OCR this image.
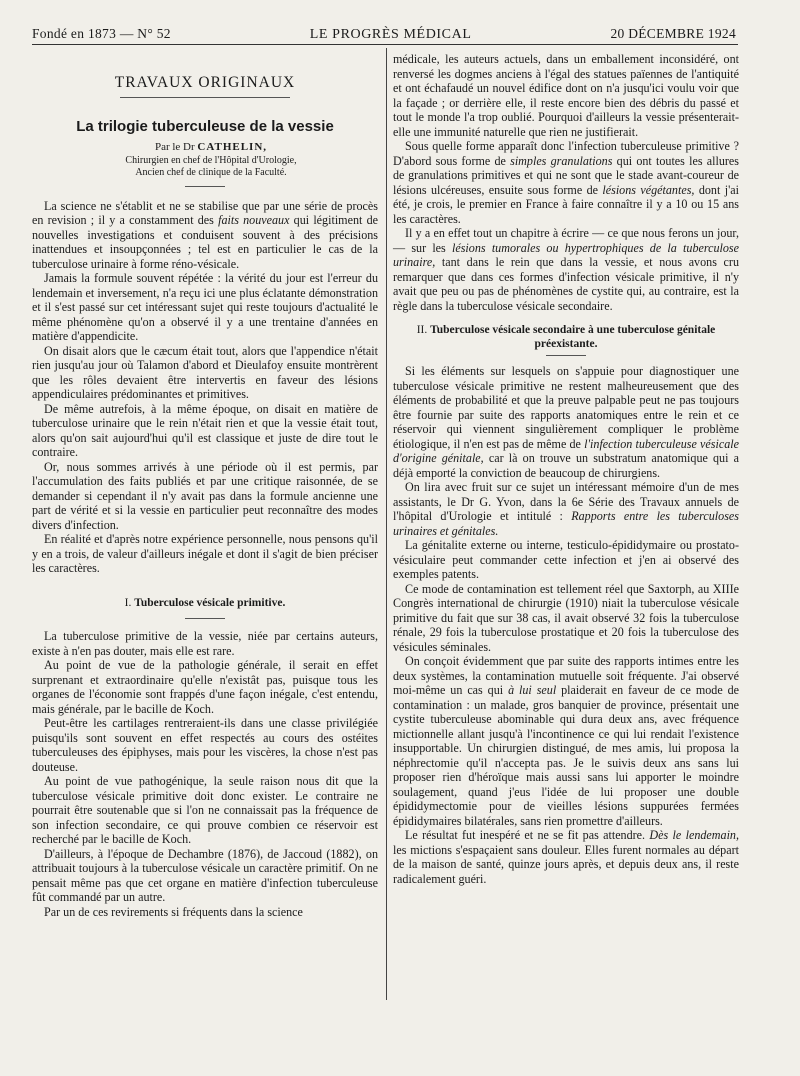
Fondé en 1873 — N° 52	LE PROGRÈS MÉDICAL	20 DÉCEMBRE 1924
TRAVAUX ORIGINAUX
La trilogie tuberculeuse de la vessie

Par le Dr CATHELIN,

Chirurgien en chef de l'Hôpital d'Urologie,

Ancien chef de clinique de la Faculté.

La science ne s'établit et ne se stabilise que par une série de procès en revision ; il y a constamment des faits nouveaux qui légitiment de nouvelles investigations et conduisent souvent à des précisions inattendues et insoupçonnées ; tel est en particulier le cas de la tuberculose urinaire à forme réno-vésicale.

Jamais la formule souvent répétée : la vérité du jour est l'erreur du lendemain et inversement, n'a reçu ici une plus éclatante démonstration et il s'est passé sur cet intéressant sujet qui reste toujours d'actualité le même phénomène qu'on a observé il y a une trentaine d'années en matière d'appendicite.

On disait alors que le cæcum était tout, alors que l'appendice n'était rien jusqu'au jour où Talamon d'abord et Dieulafoy ensuite montrèrent que les rôles devaient être intervertis en faveur des lésions appendiculaires prédominantes et primitives.

De même autrefois, à la même époque, on disait en matière de tuberculose urinaire que le rein n'était rien et que la vessie était tout, alors qu'on sait aujourd'hui qu'il est classique et juste de dire tout le contraire.

Or, nous sommes arrivés à une période où il est permis, par l'accumulation des faits publiés et par une critique raisonnée, de se demander si cependant il n'y avait pas dans la formule ancienne une part de vérité et si la vessie en particulier peut reconnaître des modes divers d'infection.

En réalité et d'après notre expérience personnelle, nous pensons qu'il y en a trois, de valeur d'ailleurs inégale et dont il s'agit de bien préciser les caractères.

I. Tuberculose vésicale primitive.

La tuberculose primitive de la vessie, niée par certains auteurs, existe à n'en pas douter, mais elle est rare.

Au point de vue de la pathologie générale, il serait en effet surprenant et extraordinaire qu'elle n'existât pas, puisque tous les organes de l'économie sont frappés d'une façon inégale, c'est entendu, mais générale, par le bacille de Koch.

Peut-être les cartilages rentreraient-ils dans une classe privilégiée puisqu'ils sont souvent en effet respectés au cours des ostéites tuberculeuses des épiphyses, mais pour les viscères, la chose n'est pas douteuse.

Au point de vue pathogénique, la seule raison nous dit que la tuberculose vésicale primitive doit donc exister. Le contraire ne pourrait être soutenable que si l'on ne connaissait pas la fréquence de son infection secondaire, ce qui prouve combien ce réservoir est recherché par le bacille de Koch.

D'ailleurs, à l'époque de Dechambre (1876), de Jaccoud (1882), on attribuait toujours à la tuberculose vésicale un caractère primitif. On ne pensait même pas que cet organe en matière d'infection tuberculeuse fût commandé par un autre.

Par un de ces revirements si fréquents dans la science

médicale, les auteurs actuels, dans un emballement inconsidéré, ont renversé les dogmes anciens à l'égal des statues païennes de l'antiquité et ont échafaudé un nouvel édifice dont on n'a jusqu'ici voulu voir que la façade ; or derrière elle, il reste encore bien des débris du passé et tout le monde l'a trop oublié. Pourquoi d'ailleurs la vessie présenterait-elle une immunité naturelle que rien ne justifierait.

Sous quelle forme apparaît donc l'infection tuberculeuse primitive ? D'abord sous forme de simples granulations qui ont toutes les allures de granulations primitives et qui ne sont que le stade avant-coureur de lésions ulcéreuses, ensuite sous forme de lésions végétantes, dont j'ai été, je crois, le premier en France à faire connaître il y a 10 ou 15 ans les caractères.

Il y a en effet tout un chapitre à écrire — ce que nous ferons un jour, — sur les lésions tumorales ou hypertrophiques de la tuberculose urinaire, tant dans le rein que dans la vessie, et nous avons cru remarquer que dans ces formes d'infection vésicale primitive, il n'y avait que peu ou pas de phénomènes de cystite qui, au contraire, est la règle dans la tuberculose vésicale secondaire.

II. Tuberculose vésicale secondaire à une tuberculose génitale préexistante.

Si les éléments sur lesquels on s'appuie pour diagnostiquer une tuberculose vésicale primitive ne restent malheureusement que des éléments de probabilité et que la preuve palpable peut ne pas toujours être fournie par suite des rapports anatomiques entre le rein et ce réservoir qui viennent singulièrement compliquer le problème étiologique, il n'en est pas de même de l'infection tuberculeuse vésicale d'origine génitale, car là on trouve un substratum anatomique qui a déjà emporté la conviction de beaucoup de chirurgiens.

On lira avec fruit sur ce sujet un intéressant mémoire d'un de mes assistants, le Dr G. Yvon, dans la 6e Série des Travaux annuels de l'hôpital d'Urologie et intitulé : Rapports entre les tuberculoses urinaires et génitales.

La génitalite externe ou interne, testiculo-épididymaire ou prostato-vésiculaire peut commander cette infection et j'en ai observé des exemples patents.

Ce mode de contamination est tellement réel que Saxtorph, au XIIIe Congrès international de chirurgie (1910) niait la tuberculose vésicale primitive du fait que sur 38 cas, il avait observé 32 fois la tuberculose rénale, 29 fois la tuberculose prostatique et 20 fois la tuberculose des vésicules séminales.

On conçoit évidemment que par suite des rapports intimes entre les deux systèmes, la contamination mutuelle soit fréquente. J'ai observé moi-même un cas qui à lui seul plaiderait en faveur de ce mode de contamination : un malade, gros banquier de province, présentait une cystite tuberculeuse abominable qui dura deux ans, avec fréquence mictionnelle allant jusqu'à l'incontinence ce qui lui rendait l'existence insupportable. Un chirurgien distingué, de mes amis, lui proposa la néphrectomie qu'il n'accepta pas. Je le suivis deux ans sans lui proposer rien d'héroïque mais aussi sans lui apporter le moindre soulagement, quand j'eus l'idée de lui proposer une double épididymectomie pour de vieilles lésions suppurées fermées épididymaires bilatérales, sans rien promettre d'ailleurs.

Le résultat fut inespéré et ne se fit pas attendre. Dès le lendemain, les mictions s'espaçaient sans douleur. Elles furent normales au départ de la maison de santé, quinze jours après, et depuis deux ans, il reste radicalement guéri.
